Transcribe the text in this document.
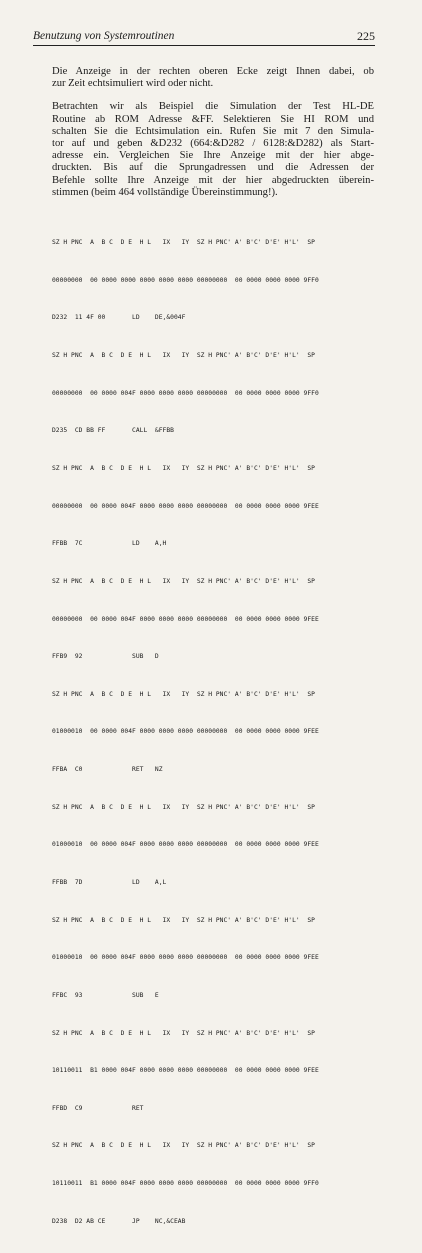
Benutzung von Systemroutinen	225

Die Anzeige in der rechten oberen Ecke zeigt Ihnen dabei, ob
zur Zeit echtsimuliert wird oder nicht.

Betrachten wir als Beispiel die Simulation der Test HL-DE
Routine ab ROM Adresse &FF. Selektieren Sie HI ROM und
schalten Sie die Echtsimulation ein. Rufen Sie mit 7 den Simula-
tor auf und geben &D232 (664:&D282 / 6128:&D282) als Start-
adresse ein. Vergleichen Sie Ihre Anzeige mit der hier abge-
druckten. Bis auf die Sprungadressen und die Adressen der
Befehle sollte Ihre Anzeige mit der hier abgedruckten überein-
stimmen (beim 464 vollständige Übereinstimmung!).

SZ H PNC  A  B C  D E  H L   IX   IY  SZ H PNC' A' B'C' D'E' H'L'  SP

00000000  00 0000 0000 0000 0000 0000 00000000  00 0000 0000 0000 9FF0

D232  11 4F 00       LD    DE,&004F

SZ H PNC  A  B C  D E  H L   IX   IY  SZ H PNC' A' B'C' D'E' H'L'  SP

00000000  00 0000 004F 0000 0000 0000 00000000  00 0000 0000 0000 9FF0

D235  CD BB FF       CALL  &FFBB

SZ H PNC  A  B C  D E  H L   IX   IY  SZ H PNC' A' B'C' D'E' H'L'  SP

00000000  00 0000 004F 0000 0000 0000 00000000  00 0000 0000 0000 9FEE

FFBB  7C             LD    A,H

SZ H PNC  A  B C  D E  H L   IX   IY  SZ H PNC' A' B'C' D'E' H'L'  SP

00000000  00 0000 004F 0000 0000 0000 00000000  00 0000 0000 0000 9FEE

FFB9  92             SUB   D

SZ H PNC  A  B C  D E  H L   IX   IY  SZ H PNC' A' B'C' D'E' H'L'  SP

01000010  00 0000 004F 0000 0000 0000 00000000  00 0000 0000 0000 9FEE

FFBA  C0             RET   NZ

SZ H PNC  A  B C  D E  H L   IX   IY  SZ H PNC' A' B'C' D'E' H'L'  SP

01000010  00 0000 004F 0000 0000 0000 00000000  00 0000 0000 0000 9FEE

FFBB  7D             LD    A,L

SZ H PNC  A  B C  D E  H L   IX   IY  SZ H PNC' A' B'C' D'E' H'L'  SP

01000010  00 0000 004F 0000 0000 0000 00000000  00 0000 0000 0000 9FEE

FFBC  93             SUB   E

SZ H PNC  A  B C  D E  H L   IX   IY  SZ H PNC' A' B'C' D'E' H'L'  SP

10110011  B1 0000 004F 0000 0000 0000 00000000  00 0000 0000 0000 9FEE

FFBD  C9             RET

SZ H PNC  A  B C  D E  H L   IX   IY  SZ H PNC' A' B'C' D'E' H'L'  SP

10110011  B1 0000 004F 0000 0000 0000 00000000  00 0000 0000 0000 9FF0

D238  D2 AB CE       JP    NC,&CEAB
